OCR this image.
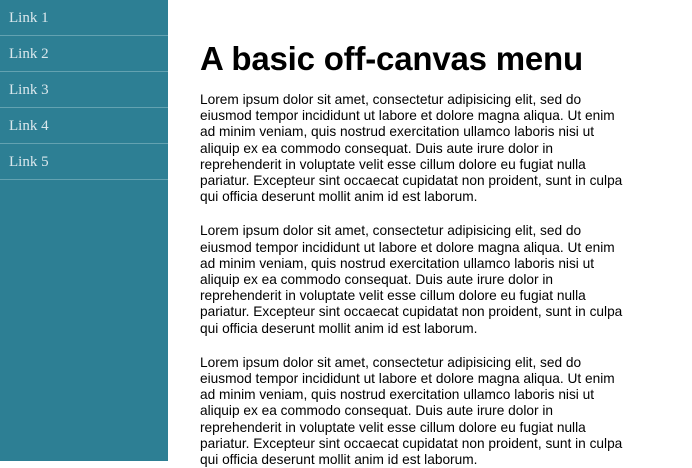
Link 1
Link 2
Link 3
Link 4
Link 5
A basic off-canvas menu

Lorem ipsum dolor sit amet, consectetur adipisicing elit, sed do eiusmod tempor incididunt ut labore et dolore magna aliqua. Ut enim ad minim veniam, quis nostrud exercitation ullamco laboris nisi ut aliquip ex ea commodo consequat. Duis aute irure dolor in reprehenderit in voluptate velit esse cillum dolore eu fugiat nulla pariatur. Excepteur sint occaecat cupidatat non proident, sunt in culpa qui officia deserunt mollit anim id est laborum.

Lorem ipsum dolor sit amet, consectetur adipisicing elit, sed do eiusmod tempor incididunt ut labore et dolore magna aliqua. Ut enim ad minim veniam, quis nostrud exercitation ullamco laboris nisi ut aliquip ex ea commodo consequat. Duis aute irure dolor in reprehenderit in voluptate velit esse cillum dolore eu fugiat nulla pariatur. Excepteur sint occaecat cupidatat non proident, sunt in culpa qui officia deserunt mollit anim id est laborum.

Lorem ipsum dolor sit amet, consectetur adipisicing elit, sed do eiusmod tempor incididunt ut labore et dolore magna aliqua. Ut enim ad minim veniam, quis nostrud exercitation ullamco laboris nisi ut aliquip ex ea commodo consequat. Duis aute irure dolor in reprehenderit in voluptate velit esse cillum dolore eu fugiat nulla pariatur. Excepteur sint occaecat cupidatat non proident, sunt in culpa qui officia deserunt mollit anim id est laborum.
